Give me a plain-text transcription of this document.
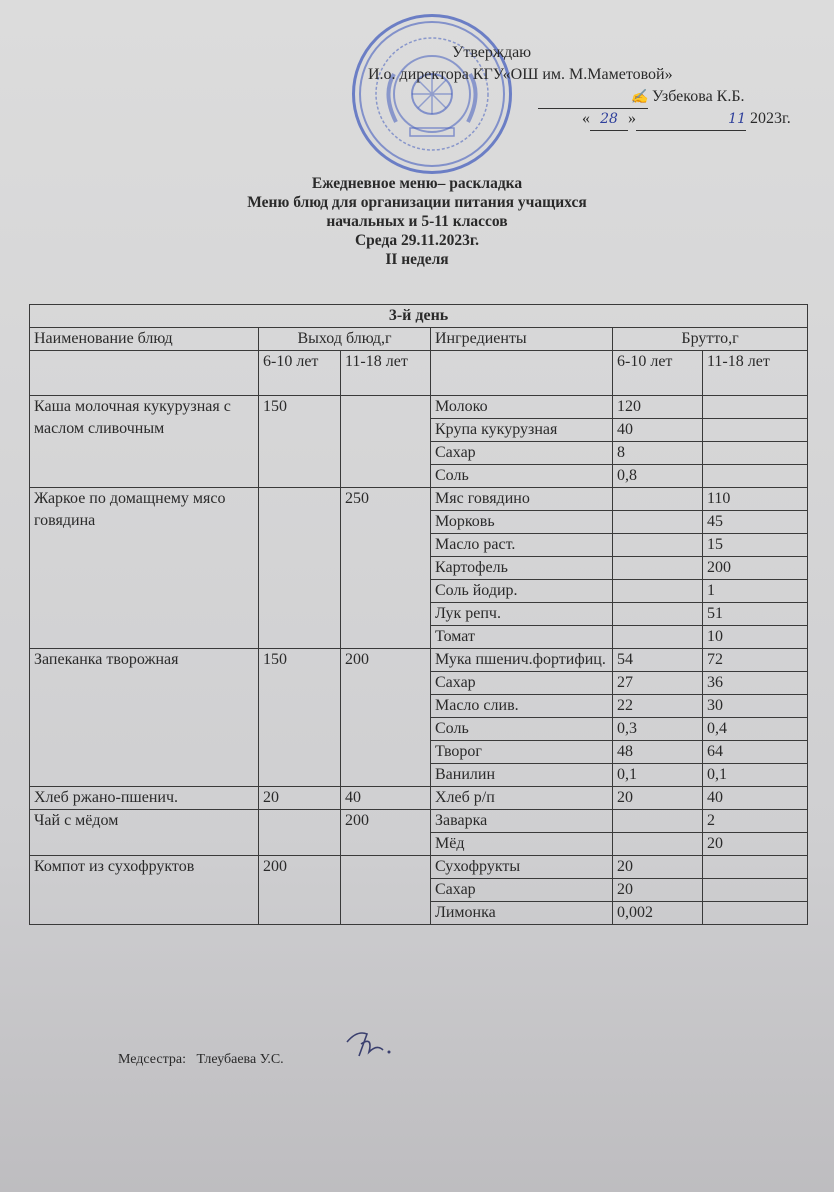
Утверждаю
И.о. директора КГУ«ОШ им. М.Маметовой»
✍ Узбекова К.Б.
« 28 »	11 2023г.
Ежедневное меню– раскладка
Меню блюд для организации питания учащихся
начальных и 5-11 классов
Среда 29.11.2023г.
II неделя
3-й день					
Наименование блюд	Выход блюд,г		Ингредиенты	Брутто,г	
	6-10 лет	11-18 лет		6-10 лет	11-18 лет
Каша молочная кукурузная с маслом сливочным	150		Молоко	120	
			Крупа кукурузная	40	
			Сахар	8	
			Соль	0,8	
Жаркое по домащнему мясо говядина		250	Мяс говядино		110
			Морковь		45
			Масло раст.		15
			Картофель		200
			Соль йодир.		1
			Лук репч.		51
			Томат		10
Запеканка творожная	150	200	Мука пшенич.фортифиц.	54	72
			Сахар	27	36
			Масло слив.	22	30
			Соль	0,3	0,4
			Творог	48	64
			Ванилин	0,1	0,1
Хлеб ржано-пшенич.	20	40	Хлеб р/п	20	40
Чай с мёдом		200	Заварка		2
			Мёд		20
Компот из сухофруктов	200		Сухофрукты	20	
			Сахар	20	
			Лимонка	0,002	
Медсестра: Тлеубаева У.С.
